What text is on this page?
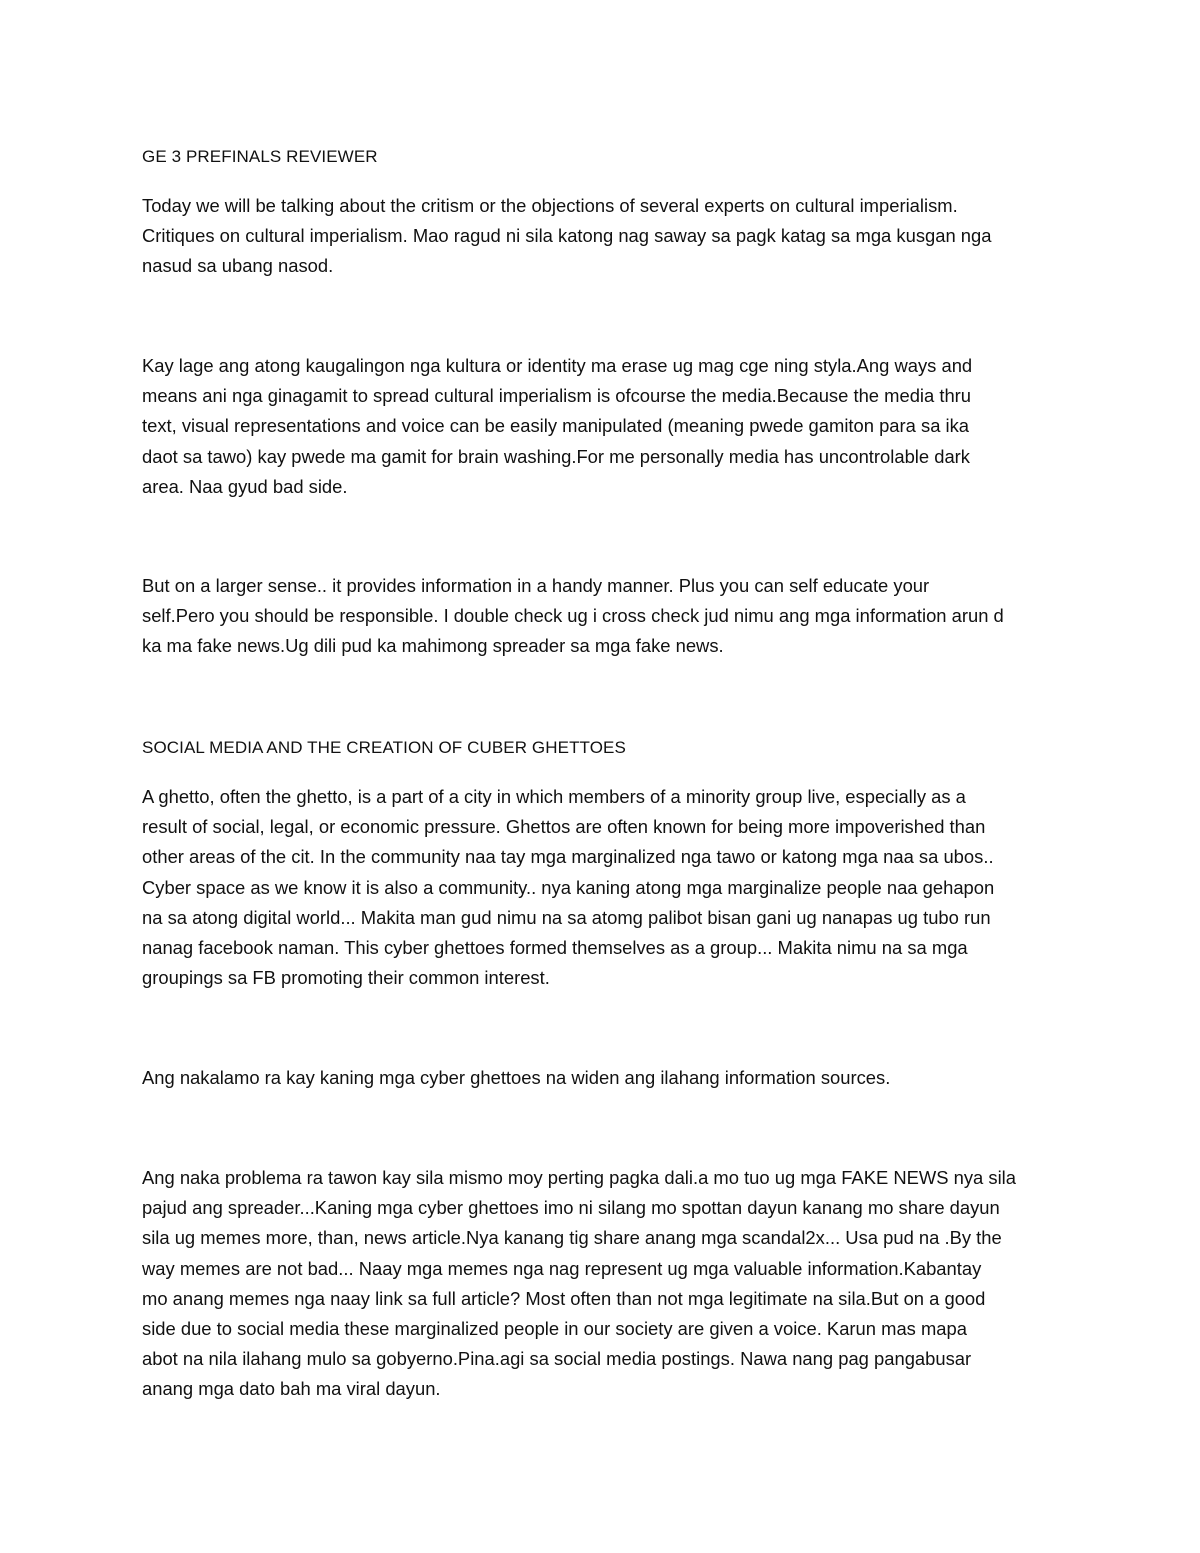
GE 3 PREFINALS REVIEWER
Today we will be talking about the critism or the objections of several experts on cultural imperialism.
Critiques on cultural imperialism. Mao ragud ni sila katong nag saway sa pagk katag sa mga kusgan nga
nasud sa ubang nasod.
Kay lage ang atong kaugalingon nga kultura or identity ma erase ug mag cge ning styla.Ang ways and
means ani nga ginagamit to spread cultural imperialism is ofcourse the media.Because the media thru
text, visual representations and voice can be easily manipulated (meaning pwede gamiton para sa ika
daot sa tawo) kay pwede ma gamit for brain washing.For me personally media has uncontrolable dark
area. Naa gyud bad side.
But on a larger sense.. it provides information in a handy manner. Plus you can self educate your
self.Pero you should be responsible. I double check ug i cross check jud nimu ang mga information arun d
ka ma fake news.Ug dili pud ka mahimong spreader sa mga fake news.
SOCIAL MEDIA AND THE CREATION OF CUBER GHETTOES
A ghetto, often the ghetto, is a part of a city in which members of a minority group live, especially as a
result of social, legal, or economic pressure. Ghettos are often known for being more impoverished than
other areas of the cit. In the community naa tay mga marginalized nga tawo or katong mga naa sa ubos..
Cyber space as we know it is also a community.. nya kaning atong mga marginalize people naa gehapon
na sa atong digital world... Makita man gud nimu na sa atomg palibot bisan gani ug nanapas ug tubo run
nanag facebook naman. This cyber ghettoes formed themselves as a group... Makita nimu na sa mga
groupings sa FB promoting their common interest.
Ang nakalamo ra kay kaning mga cyber ghettoes na widen ang ilahang information sources.
Ang naka problema ra tawon kay sila mismo moy perting pagka dali.a mo tuo ug mga FAKE NEWS nya sila
pajud ang spreader...Kaning mga cyber ghettoes imo ni silang mo spottan dayun kanang mo share dayun
sila ug memes more, than, news article.Nya kanang tig share anang mga scandal2x... Usa pud na .By the
way memes are not bad... Naay mga memes nga nag represent ug mga valuable information.Kabantay
mo anang memes nga naay link sa full article? Most often than not mga legitimate na sila.But on a good
side due to social media these marginalized people in our society are given a voice. Karun mas mapa
abot na nila ilahang mulo sa gobyerno.Pina.agi sa social media postings. Nawa nang pag pangabusar
anang mga dato bah ma viral dayun.
